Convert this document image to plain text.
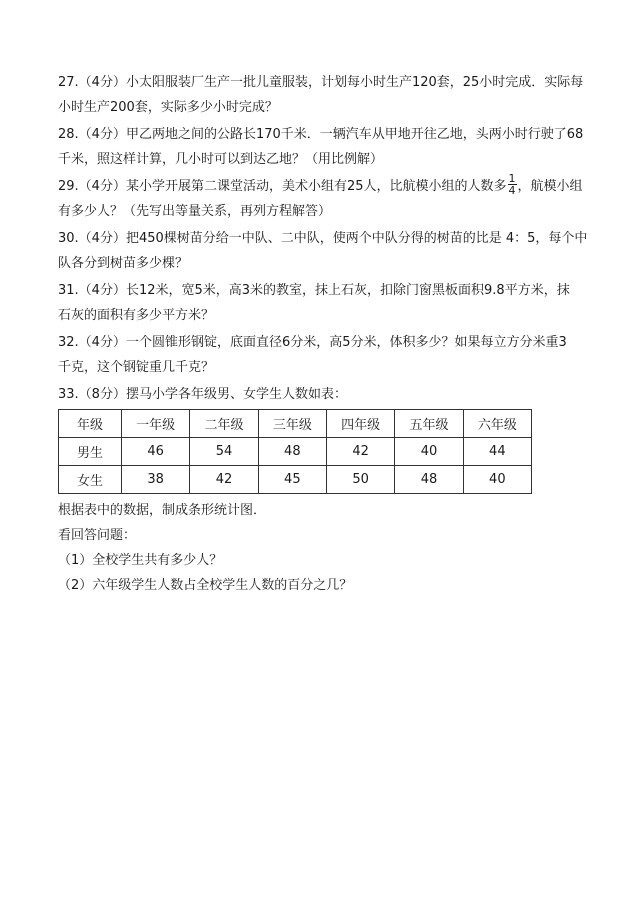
27.（4分）小太阳服装厂生产一批儿童服装，计划每小时生产120套，25小时完成．实际每

小时生产200套，实际多少小时完成？

28.（4分）甲乙两地之间的公路长170千米．一辆汽车从甲地开往乙地，头两小时行驶了68

千米，照这样计算，几小时可以到达乙地？（用比例解）

29.（4分）某小学开展第二课堂活动，美术小组有25人，比航模小组的人数多 $\frac{1}{4}$ ，航模小组

有多少人？（先写出等量关系，再列方程解答）

30.（4分）把450棵树苗分给一中队、二中队，使两个中队分得的树苗的比是 4：5，每个中

队各分到树苗多少棵？

31.（4分）长12米，宽5米，高3米的教室，抹上石灰，扣除门窗黑板面积9.8平方米，抹

石灰的面积有多少平方米？

32.（4分）一个圆锥形钢锭，底面直径6分米，高5分米，体积多少？如果每立方分米重3

千克，这个钢锭重几千克？

33.（8分）摆马小学各年级男、女学生人数如表：

年级	一年级	二年级	三年级	四年级	五年级	六年级
男生	46	54	48	42	40	44
女生	38	42	45	50	48	40

根据表中的数据，制成条形统计图．

看回答问题：

（1）全校学生共有多少人？

（2）六年级学生人数占全校学生人数的百分之几？
